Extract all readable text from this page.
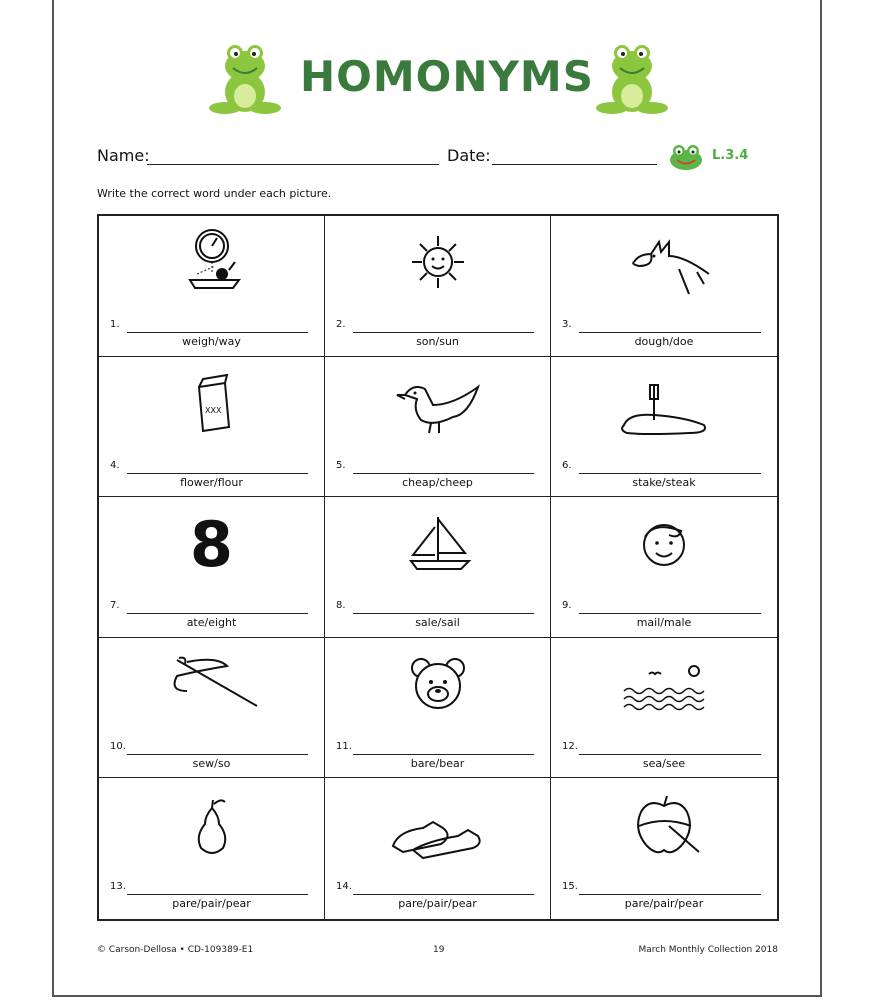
HOMONYMS
Name:	Date:	L.3.4
Write the correct word under each picture.
1.
weigh/way
2.
son/sun
3.
dough/doe
XXX
4.
flower/flour
5.
cheap/cheep
6.
stake/steak
8
7.
ate/eight
8.
sale/sail
9.
mail/male
10.
sew/so
11.
bare/bear
12.
sea/see
13.
pare/pair/pear
14.
pare/pair/pear
15.
pare/pair/pear
© Carson-Dellosa • CD-109389-E1	19	March Monthly Collection 2018
